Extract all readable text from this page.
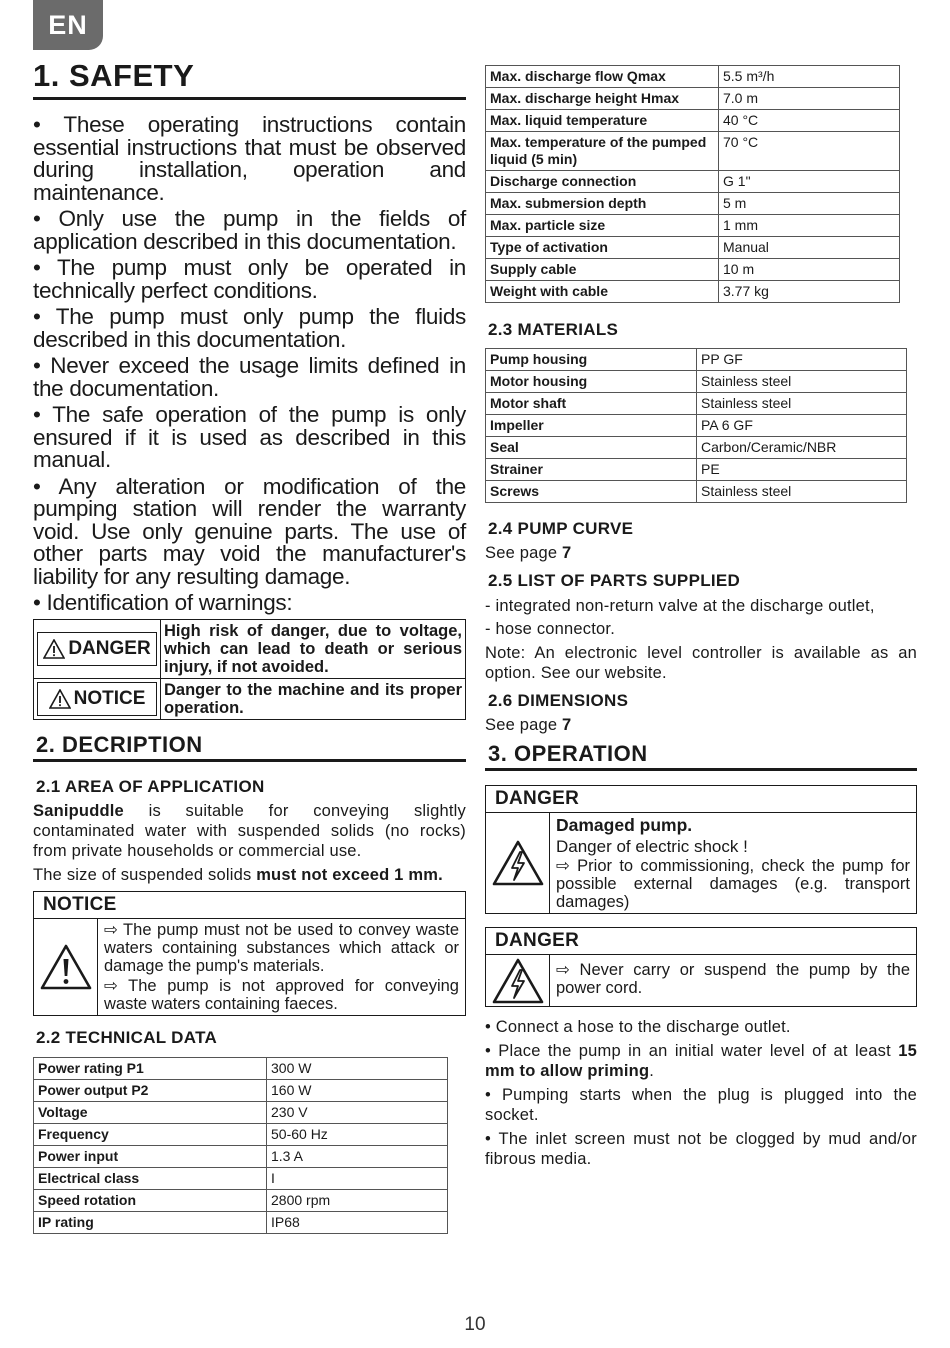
EN
1. SAFETY
• These operating instructions contain essential instructions that must be observed during installation, operation and maintenance.
• Only use the pump in the fields of application described in this documentation.
• The pump must only be operated in technically perfect conditions.
• The pump must only pump the fluids described in this documentation.
• Never exceed the usage limits defined in the documentation.
• The safe operation of the pump is only ensured if it is used as described in this manual.
• Any alteration or modification of the pumping station will render the warranty void. Use only genuine parts. The use of other parts may void the manufacturer's liability for any resulting damage.
• Identification of warnings:
DANGER	High risk of danger, due to voltage, which can lead to death or serious injury, if not avoided.

NOTICE	Danger to the machine and its proper operation.
2. DECRIPTION
2.1 AREA OF APPLICATION
Sanipuddle is suitable for conveying slightly contaminated water with suspended solids (no rocks) from private households or commercial use.
The size of suspended solids must not exceed 1 mm.
NOTICE
⇨ The pump must not be used to convey waste waters containing substances which attack or damage the pump's materials.
⇨ The pump is not approved for conveying waste waters containing faeces.
2.2 TECHNICAL DATA
Power rating P1	300 W
Power output P2	160 W
Voltage	230 V
Frequency	50-60 Hz
Power input	1.3 A
Electrical class	I
Speed rotation	2800 rpm
IP rating	IP68
Max. discharge flow Qmax	5.5 m³/h
Max. discharge height Hmax	7.0 m
Max. liquid temperature	40 °C
Max. temperature of the pumped liquid (5 min)	70 °C
Discharge connection	G 1"
Max. submersion depth	5 m
Max. particle size	1 mm
Type of activation	Manual
Supply cable	10 m
Weight with cable	3.77 kg
2.3 MATERIALS
Pump housing	PP GF
Motor housing	Stainless steel
Motor shaft	Stainless steel
Impeller	PA 6 GF
Seal	Carbon/Ceramic/NBR
Strainer	PE
Screws	Stainless steel
2.4 PUMP CURVE
See page 7
2.5 LIST OF PARTS SUPPLIED
- integrated non-return valve at the discharge outlet,
- hose connector.
Note: An electronic level controller is available as an option. See our website.
2.6 DIMENSIONS
See page 7
3. OPERATION
DANGER
Damaged pump.
Danger of electric shock !
⇨ Prior to commissioning, check the pump for possible external damages (e.g. transport damages)
DANGER
⇨ Never carry or suspend the pump by the power cord.
• Connect a hose to the discharge outlet.
• Place the pump in an initial water level of at least 15 mm to allow priming.
• Pumping starts when the plug is plugged into the socket.
• The inlet screen must not be clogged by mud and/or fibrous media.
10
